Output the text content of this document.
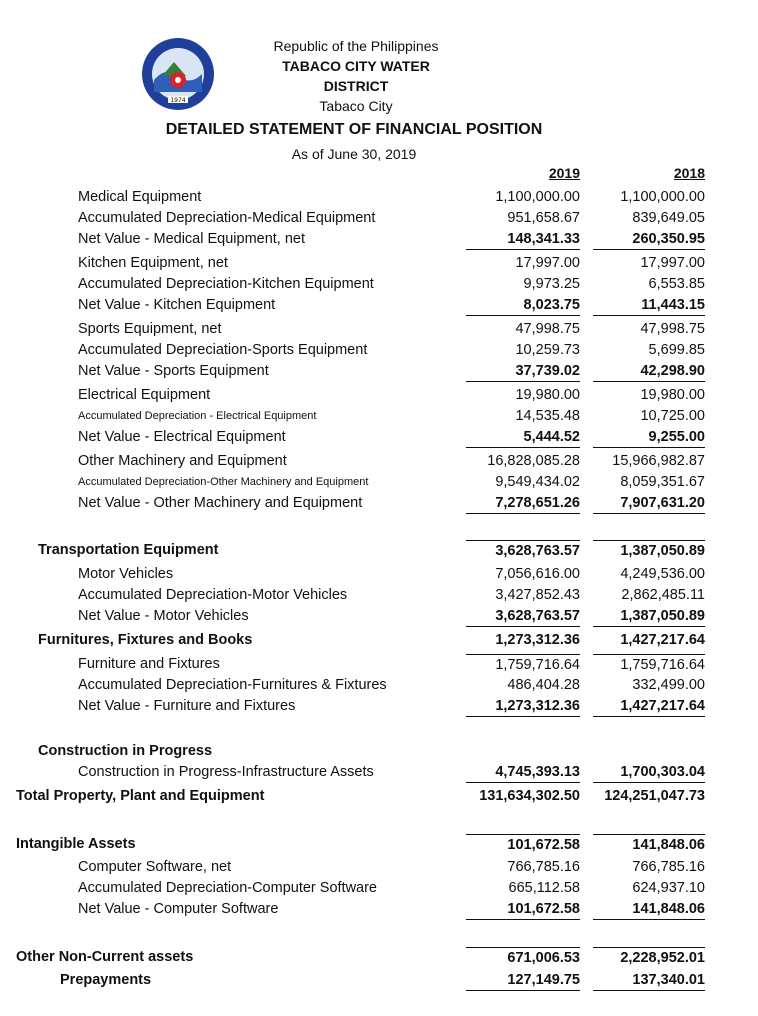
1974
Republic of the Philippines
TABACO CITY WATER DISTRICT
Tabaco City
DETAILED STATEMENT OF FINANCIAL POSITION
As of June 30, 2019
2019	2018
Medical Equipment	1,100,000.00	1,100,000.00
Accumulated Depreciation-Medical Equipment	951,658.67	839,649.05
Net Value - Medical Equipment, net	148,341.33	260,350.95
Kitchen Equipment, net	17,997.00	17,997.00
Accumulated Depreciation-Kitchen Equipment	9,973.25	6,553.85
Net Value - Kitchen Equipment	8,023.75	11,443.15
Sports Equipment, net	47,998.75	47,998.75
Accumulated Depreciation-Sports Equipment	10,259.73	5,699.85
Net Value - Sports Equipment	37,739.02	42,298.90
Electrical Equipment	19,980.00	19,980.00
Accumulated Depreciation - Electrical Equipment	14,535.48	10,725.00
Net Value - Electrical Equipment	5,444.52	9,255.00
Other Machinery and Equipment	16,828,085.28	15,966,982.87
Accumulated Depreciation-Other Machinery and Equipment	9,549,434.02	8,059,351.67
Net Value - Other Machinery and Equipment	7,278,651.26	7,907,631.20
Transportation Equipment	3,628,763.57	1,387,050.89
Motor Vehicles	7,056,616.00	4,249,536.00
Accumulated Depreciation-Motor Vehicles	3,427,852.43	2,862,485.11
Net Value - Motor Vehicles	3,628,763.57	1,387,050.89
Furnitures, Fixtures and Books	1,273,312.36	1,427,217.64
Furniture and Fixtures	1,759,716.64	1,759,716.64
Accumulated Depreciation-Furnitures & Fixtures	486,404.28	332,499.00
Net Value - Furniture and Fixtures	1,273,312.36	1,427,217.64
Construction in Progress
Construction in Progress-Infrastructure Assets	4,745,393.13	1,700,303.04
Total Property, Plant and Equipment	131,634,302.50	124,251,047.73
Intangible Assets	101,672.58	141,848.06
Computer Software, net	766,785.16	766,785.16
Accumulated Depreciation-Computer Software	665,112.58	624,937.10
Net Value - Computer Software	101,672.58	141,848.06
Other Non-Current assets	671,006.53	2,228,952.01
Prepayments	127,149.75	137,340.01
